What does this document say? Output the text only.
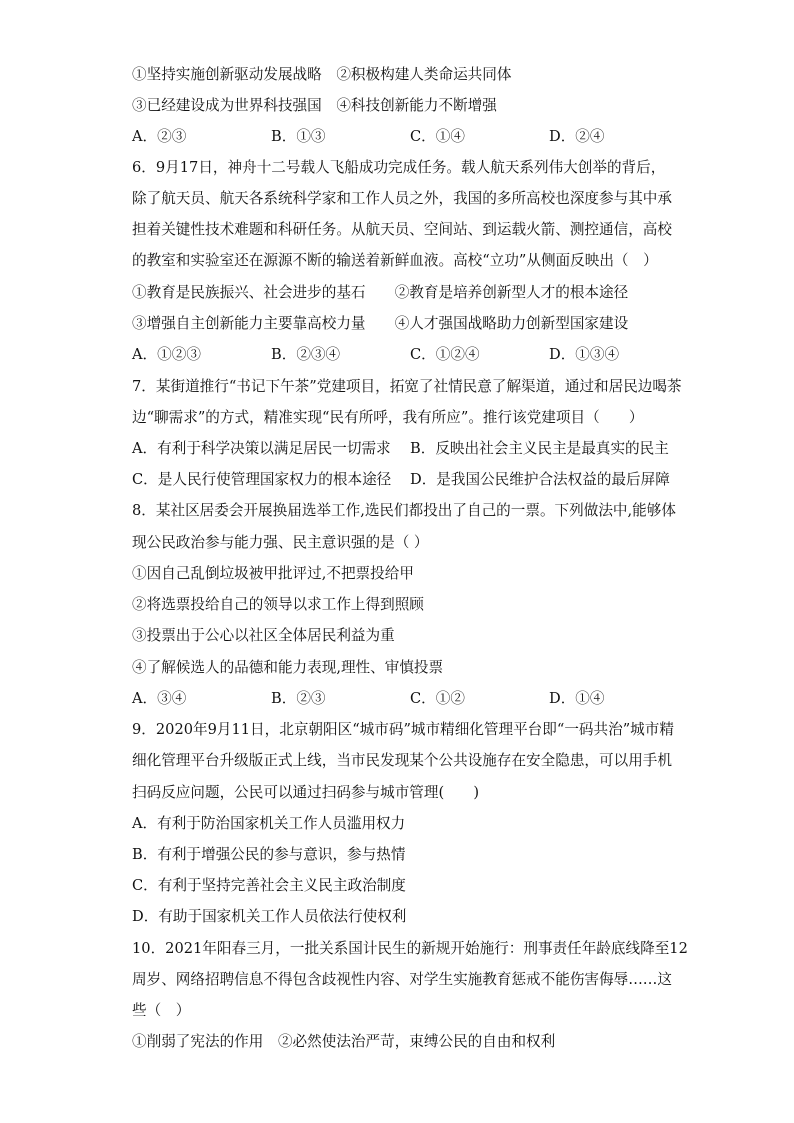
①坚持实施创新驱动发展战略　②积极构建人类命运共同体
③已经建设成为世界科技强国　④科技创新能力不断增强
A．②③	B．①③	C．①④	D．②④
6．9月17日，神舟十二号载人飞船成功完成任务。载人航天系列伟大创举的背后，
除了航天员、航天各系统科学家和工作人员之外，我国的多所高校也深度参与其中承
担着关键性技术难题和科研任务。从航天员、空间站、到运载火箭、测控通信，高校
的教室和实验室还在源源不断的输送着新鲜血液。高校“立功”从侧面反映出（　）
①教育是民族振兴、社会进步的基石　　②教育是培养创新型人才的根本途径
③增强自主创新能力主要靠高校力量　　④人才强国战略助力创新型国家建设
A．①②③	B．②③④	C．①②④	D．①③④
7．某街道推行“书记下午茶”党建项目，拓宽了社情民意了解渠道，通过和居民边喝茶
边“聊需求”的方式，精准实现“民有所呼，我有所应”。推行该党建项目（　　）
A．有利于科学决策以满足居民一切需求 B．反映出社会主义民主是最真实的民主
C．是人民行使管理国家权力的根本途径 D．是我国公民维护合法权益的最后屏障
8．某社区居委会开展换届选举工作,选民们都投出了自己的一票。下列做法中,能够体
现公民政治参与能力强、民主意识强的是（ ）
①因自己乱倒垃圾被甲批评过,不把票投给甲
②将选票投给自己的领导以求工作上得到照顾
③投票出于公心以社区全体居民利益为重
④了解候选人的品德和能力表现,理性、审慎投票
A．③④	B．②③	C．①②	D．①④
9．2020年9月11日，北京朝阳区“城市码”城市精细化管理平台即“一码共治”城市精
细化管理平台升级版正式上线，当市民发现某个公共设施存在安全隐患，可以用手机
扫码反应问题，公民可以通过扫码参与城市管理(　　)
A．有利于防治国家机关工作人员滥用权力
B．有利于增强公民的参与意识，参与热情
C．有利于坚持完善社会主义民主政治制度
D．有助于国家机关工作人员依法行使权利
10．2021年阳春三月，一批关系国计民生的新规开始施行：刑事责任年龄底线降至12
周岁、网络招聘信息不得包含歧视性内容、对学生实施教育惩戒不能伤害侮辱……这
些（　）
①削弱了宪法的作用　②必然使法治严苛，束缚公民的自由和权利
